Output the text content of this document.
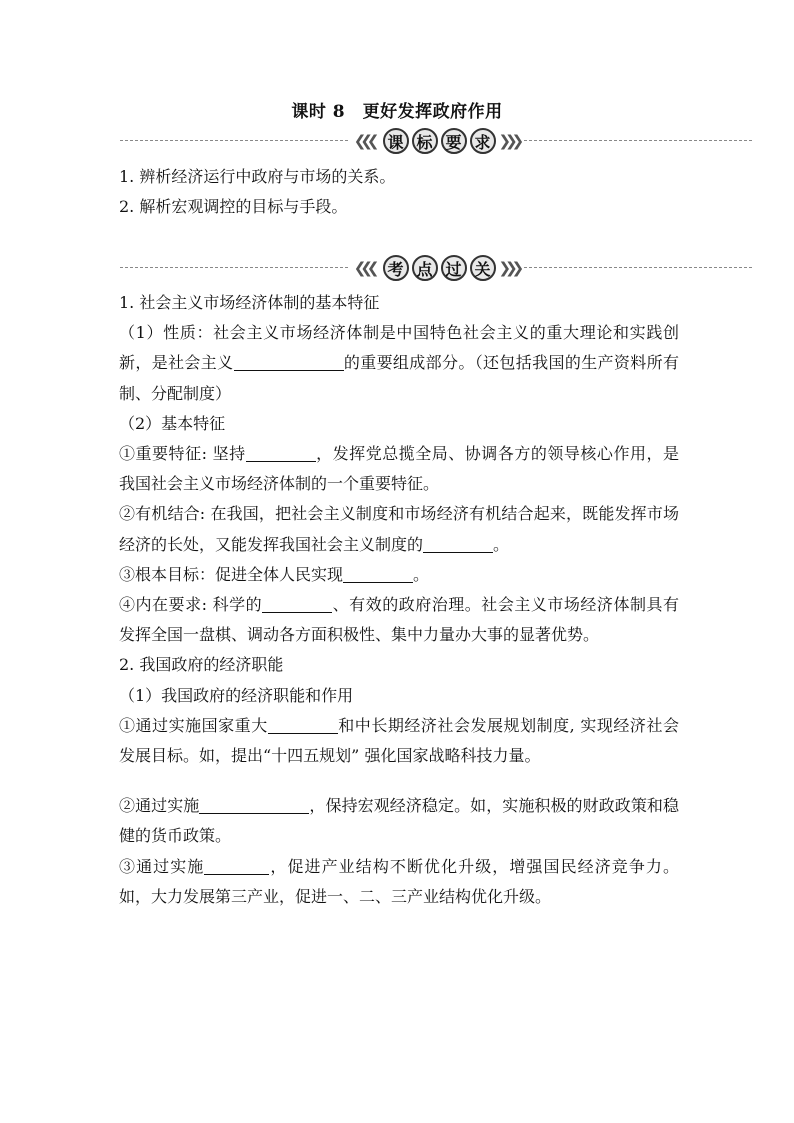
课时 8　更好发挥政府作用
❮❮❮ 课 标 要 求 ❯❯❯

1. 辨析经济运行中政府与市场的关系。

2. 解析宏观调控的目标与手段。

❮❮❮ 考 点 过 关 ❯❯❯

1. 社会主义市场经济体制的基本特征

（1）性质：社会主义市场经济体制是中国特色社会主义的重大理论和实践创新，是社会主义	的重要组成部分。（还包括我国的生产资料所有制、分配制度）

（2）基本特征

①重要特征: 坚持	，发挥党总揽全局、协调各方的领导核心作用，是我国社会主义市场经济体制的一个重要特征。

②有机结合: 在我国，把社会主义制度和市场经济有机结合起来，既能发挥市场经济的长处，又能发挥我国社会主义制度的	。

③根本目标：促进全体人民实现	。

④内在要求: 科学的	、有效的政府治理。社会主义市场经济体制具有发挥全国一盘棋、调动各方面积极性、集中力量办大事的显著优势。

2. 我国政府的经济职能

（1）我国政府的经济职能和作用

①通过实施国家重大	和中长期经济社会发展规划制度, 实现经济社会发展目标。如，提出“十四五规划” 强化国家战略科技力量。

②通过实施	，保持宏观经济稳定。如，实施积极的财政政策和稳健的货币政策。

③通过实施	，促进产业结构不断优化升级，增强国民经济竞争力。如，大力发展第三产业，促进一、二、三产业结构优化升级。
